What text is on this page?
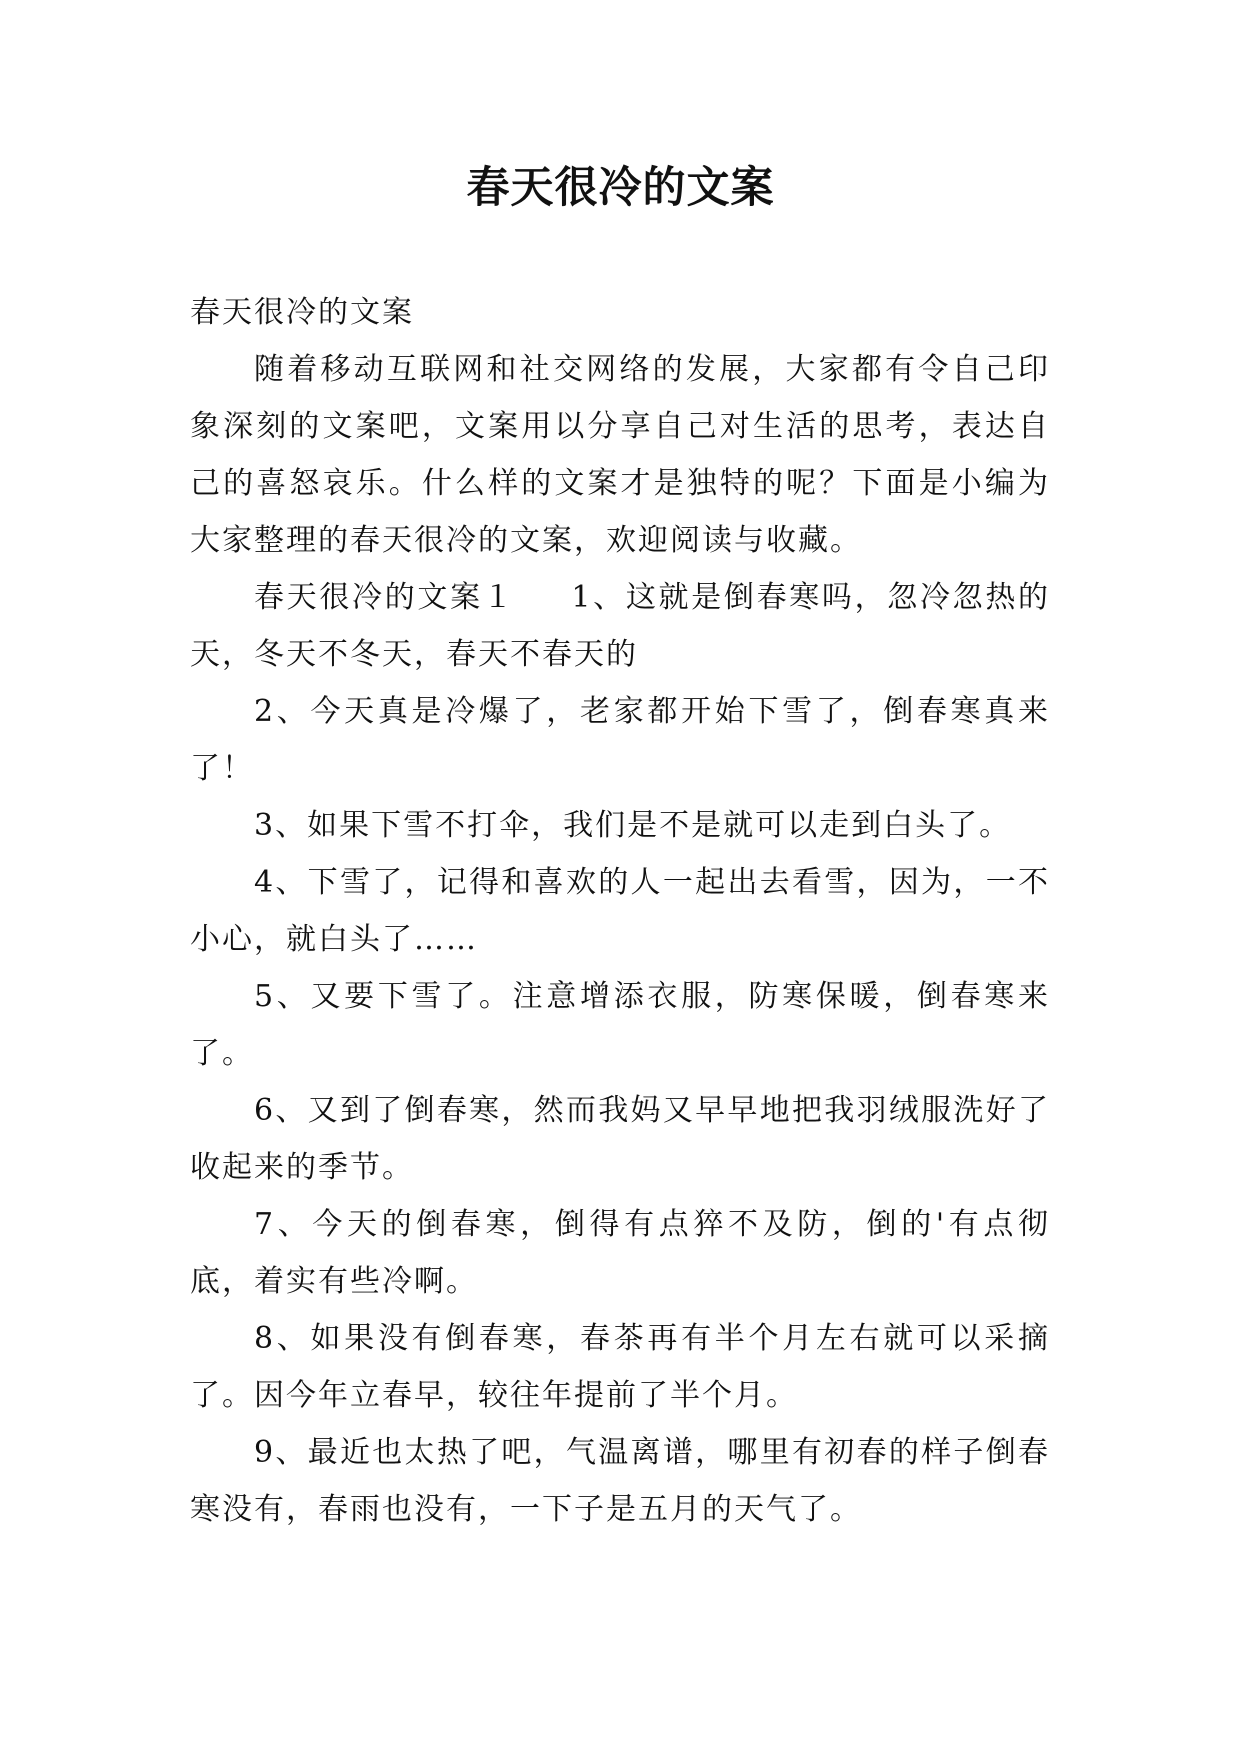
春天很冷的文案

春天很冷的文案

随着移动互联网和社交网络的发展，大家都有令自己印象深刻的文案吧，文案用以分享自己对生活的思考，表达自己的喜怒哀乐。什么样的文案才是独特的呢？下面是小编为大家整理的春天很冷的文案，欢迎阅读与收藏。

春天很冷的文案１ 1、这就是倒春寒吗，忽冷忽热的天，冬天不冬天，春天不春天的

2、今天真是冷爆了，老家都开始下雪了，倒春寒真来了！

3、如果下雪不打伞，我们是不是就可以走到白头了。

4、下雪了，记得和喜欢的人一起出去看雪，因为，一不小心，就白头了……

5、又要下雪了。注意增添衣服，防寒保暖，倒春寒来了。

6、又到了倒春寒，然而我妈又早早地把我羽绒服洗好了收起来的季节。

7、今天的倒春寒，倒得有点猝不及防，倒的'有点彻底，着实有些冷啊。

8、如果没有倒春寒，春茶再有半个月左右就可以采摘了。因今年立春早，较往年提前了半个月。

9、最近也太热了吧，气温离谱，哪里有初春的样子倒春寒没有，春雨也没有，一下子是五月的天气了。
